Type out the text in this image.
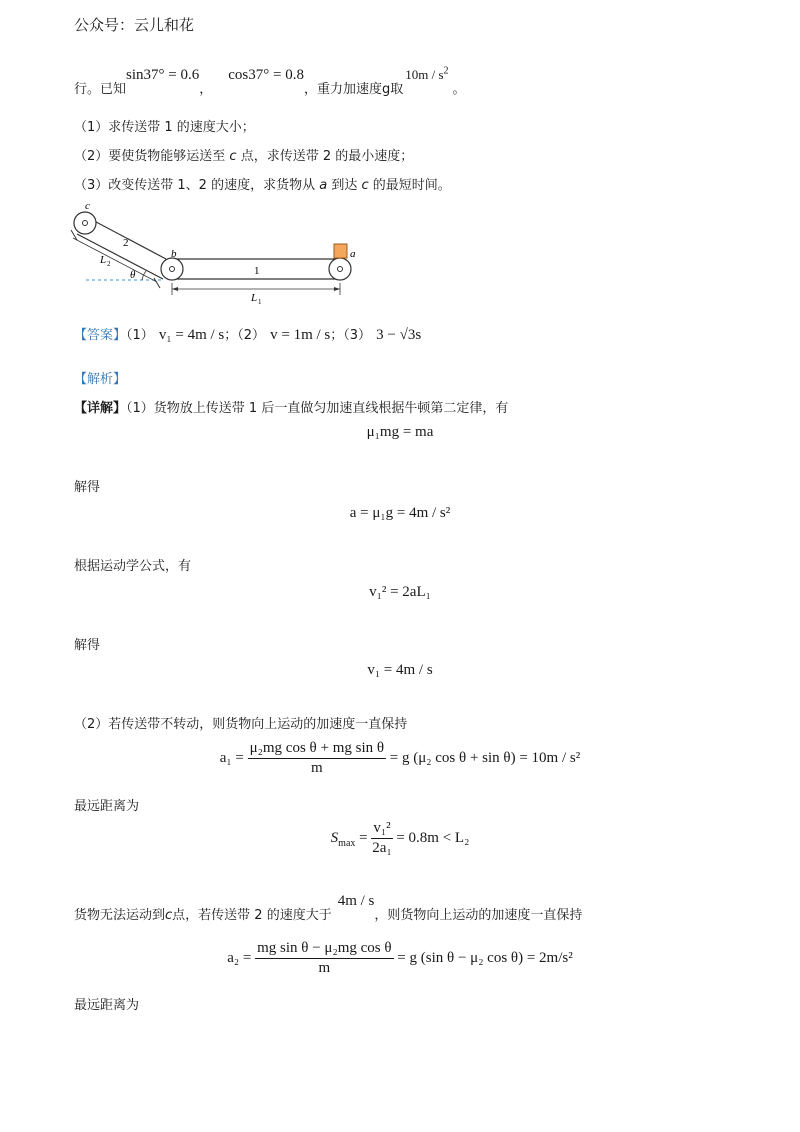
公众号：云儿和花
$_{行。已知}\sin 37^\circ = 0.6_,\cos 37^\circ = 0.8_{,重力加速度g取}10m / s^2_。$
（1）求传送带 1 的速度大小；
（2）要使货物能够运送至 c 点，求传送带 2 的最小速度；
（3）改变传送带 1、2 的速度，求货物从 a 到达 c 的最短时间。
c
2
b	a
1
L 2
θ
L 1
【答案】（1） v₁ = 4m / s；（2） v = 1m / s；（3） 3 − √3s
【解析】
【详解】（1）货物放上传送带 1 后一直做匀加速直线根据牛顿第二定律，有
μ₁mg = ma
解得
a = μ₁g = 4m / s²
根据运动学公式，有
v₁² = 2aL₁
解得
v₁ = 4m / s
（2）若传送带不转动，则货物向上运动的加速度一直保持
$a_1 = \frac{\text{μ₂mg cos θ + mg sin θ}}{m} = g$ (μ₂ cos θ + sin θ) = 10m / s²
最远距离为
$S_{max} = \frac{\text{v₁²}}{\text{2a₁}} = 0.8m < L_2$
$_{货物无法运动到c点,若传送带 2 的速度大于}4m / s_{,则货物向上运动的加速度一直保持}$
$a_2 = \frac{\text{mg sin θ − μ₂mg cos θ}}{m} = g$ (sin θ − μ₂ cos θ) = 2m/s²
最远距离为
